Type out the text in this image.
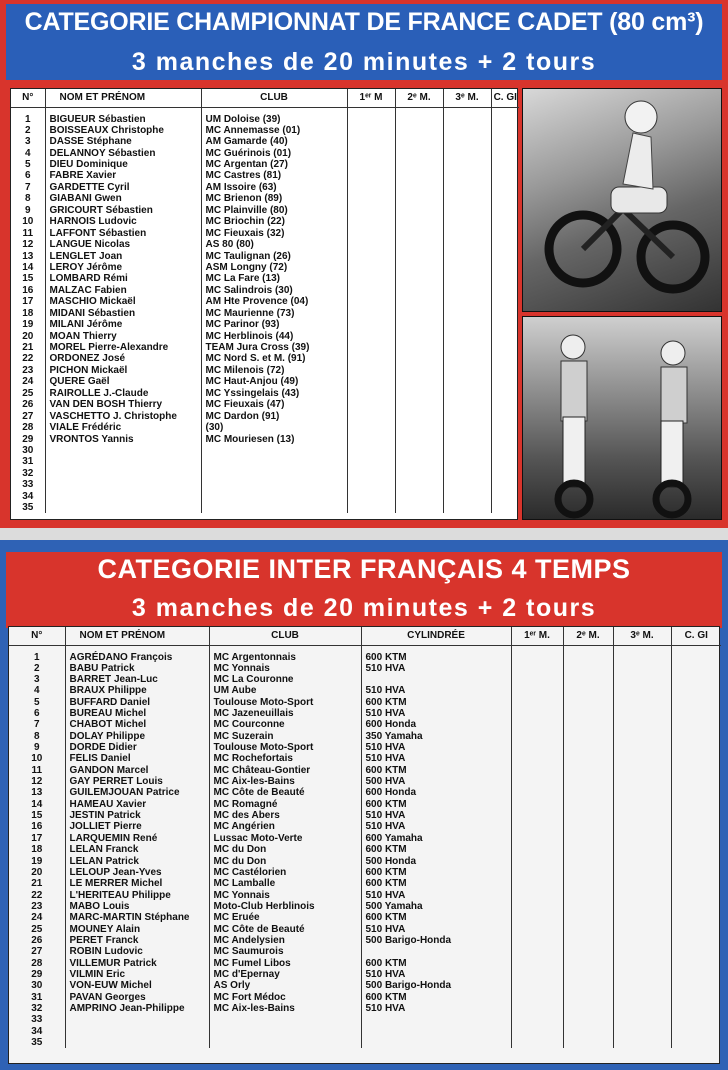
CATEGORIE CHAMPIONNAT DE FRANCE CADET (80 cm³)
3 manches de 20 minutes + 2 tours
N°	NOM ET PRÉNOM	CLUB	1ᵉʳ M	2ᵉ M.	3ᵉ M.	C. GI
1	BIGUEUR Sébastien	UM Doloise (39)				
2	BOISSEAUX Christophe	MC Annemasse (01)				
3	DASSE Stéphane	AM Gamarde (40)				
4	DELANNOY Sébastien	MC Guérinois (01)				
5	DIEU Dominique	MC Argentan (27)				
6	FABRE Xavier	MC Castres (81)				
7	GARDETTE Cyril	AM Issoire (63)				
8	GIABANI Gwen	MC Brienon (89)				
9	GRICOURT Sébastien	MC Plainville (80)				
10	HARNOIS Ludovic	MC Briochin (22)				
11	LAFFONT Sébastien	MC Fieuxais (32)				
12	LANGUE Nicolas	AS 80 (80)				
13	LENGLET Joan	MC Taulignan (26)				
14	LEROY Jérôme	ASM Longny (72)				
15	LOMBARD Rémi	MC La Fare (13)				
16	MALZAC Fabien	MC Salindrois (30)				
17	MASCHIO Mickaël	AM Hte Provence (04)				
18	MIDANI Sébastien	MC Maurienne (73)				
19	MILANI Jérôme	MC Parinor (93)				
20	MOAN Thierry	MC Herblinois (44)				
21	MOREL Pierre-Alexandre	TEAM Jura Cross (39)				
22	ORDONEZ José	MC Nord S. et M. (91)				
23	PICHON Mickaël	MC Milenois (72)				
24	QUERE Gaël	MC Haut-Anjou (49)				
25	RAIROLLE J.-Claude	MC Yssingelais (43)				
26	VAN DEN BOSH Thierry	MC Fieuxais (47)				
27	VASCHETTO J. Christophe	MC Dardon (91)				
28	VIALE Frédéric	(30)				
29	VRONTOS Yannis	MC Mouriesen (13)				
30						
31						
32						
33						
34						
35						
CATEGORIE INTER FRANÇAIS 4 TEMPS
3 manches de 20 minutes + 2 tours
N°	NOM ET PRÉNOM	CLUB	CYLINDRÉE	1ᵉʳ M.	2ᵉ M.	3ᵉ M.	C. GI
1	AGRÉDANO François	MC Argentonnais	600 KTM				
2	BABU Patrick	MC Yonnais	510 HVA				
3	BARRET Jean-Luc	MC La Couronne					
4	BRAUX Philippe	UM Aube	510 HVA				
5	BUFFARD Daniel	Toulouse Moto-Sport	600 KTM				
6	BUREAU Michel	MC Jazeneuillais	510 HVA				
7	CHABOT Michel	MC Courconne	600 Honda				
8	DOLAY Philippe	MC Suzerain	350 Yamaha				
9	DORDÉ Didier	Toulouse Moto-Sport	510 HVA				
10	FÉLIS Daniel	MC Rochefortais	510 HVA				
11	GANDON Marcel	MC Château-Gontier	600 KTM				
12	GAY PERRET Louis	MC Aix-les-Bains	500 HVA				
13	GUILEMJOUAN Patrice	MC Côte de Beauté	600 Honda				
14	HAMEAU Xavier	MC Romagné	600 KTM				
15	JESTIN Patrick	MC des Abers	510 HVA				
16	JOLLIET Pierre	MC Angérien	510 HVA				
17	LARQUEMIN René	Lussac Moto-Verte	600 Yamaha				
18	LELAN Franck	MC du Don	600 KTM				
19	LELAN Patrick	MC du Don	500 Honda				
20	LELOUP Jean-Yves	MC Castélorien	600 KTM				
21	LE MERRER Michel	MC Lamballe	600 KTM				
22	L'HERITEAU Philippe	MC Yonnais	510 HVA				
23	MABO Louis	Moto-Club Herblinois	500 Yamaha				
24	MARC-MARTIN Stéphane	MC Eruée	600 KTM				
25	MOUNEY Alain	MC Côte de Beauté	510 HVA				
26	PERET Franck	MC Andelysien	500 Barigo-Honda				
27	ROBIN Ludovic	MC Saumurois					
28	VILLEMUR Patrick	MC Fumel Libos	600 KTM				
29	VILMIN Eric	MC d'Epernay	510 HVA				
30	VON-EUW Michel	AS Orly	500 Barigo-Honda				
31	PAVAN Georges	MC Fort Médoc	600 KTM				
32	AMPRINO Jean-Philippe	MC Aix-les-Bains	510 HVA				
33							
34							
35							
